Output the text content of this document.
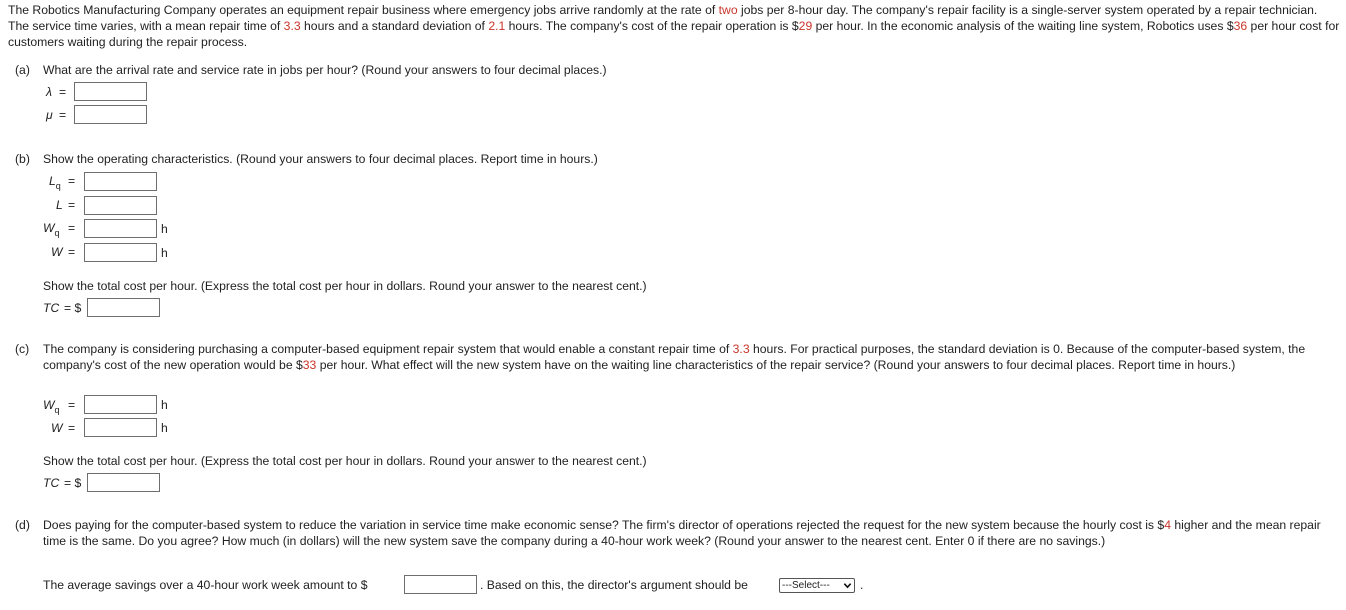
The Robotics Manufacturing Company operates an equipment repair business where emergency jobs arrive randomly at the rate of two jobs per 8-hour day. The company's repair facility is a single-server system operated by a repair technician. The service time varies, with a mean repair time of 3.3 hours and a standard deviation of 2.1 hours. The company's cost of the repair operation is $29 per hour. In the economic analysis of the waiting line system, Robotics uses $36 per hour cost for customers waiting during the repair process.
(a) What are the arrival rate and service rate in jobs per hour? (Round your answers to four decimal places.)
λ =
μ =
(b) Show the operating characteristics. (Round your answers to four decimal places. Report time in hours.)
$L_q$ =
L =
$W_q$ =	h
W =	h
Show the total cost per hour. (Express the total cost per hour in dollars. Round your answer to the nearest cent.)
TC = $
(c) The company is considering purchasing a computer-based equipment repair system that would enable a constant repair time of 3.3 hours. For practical purposes, the standard deviation is 0. Because of the computer-based system, the company's cost of the new operation would be $33 per hour. What effect will the new system have on the waiting line characteristics of the repair service? (Round your answers to four decimal places. Report time in hours.)
$W_q$ =	h
W =	h
Show the total cost per hour. (Express the total cost per hour in dollars. Round your answer to the nearest cent.)
TC = $
(d) Does paying for the computer-based system to reduce the variation in service time make economic sense? The firm's director of operations rejected the request for the new system because the hourly cost is $4 higher and the mean repair time is the same. Do you agree? How much (in dollars) will the new system save the company during a 40-hour work week? (Round your answer to the nearest cent. Enter 0 if there are no savings.)
The average savings over a 40-hour work week amount to $	. Based on this, the director's argument should be	---Select---	.
